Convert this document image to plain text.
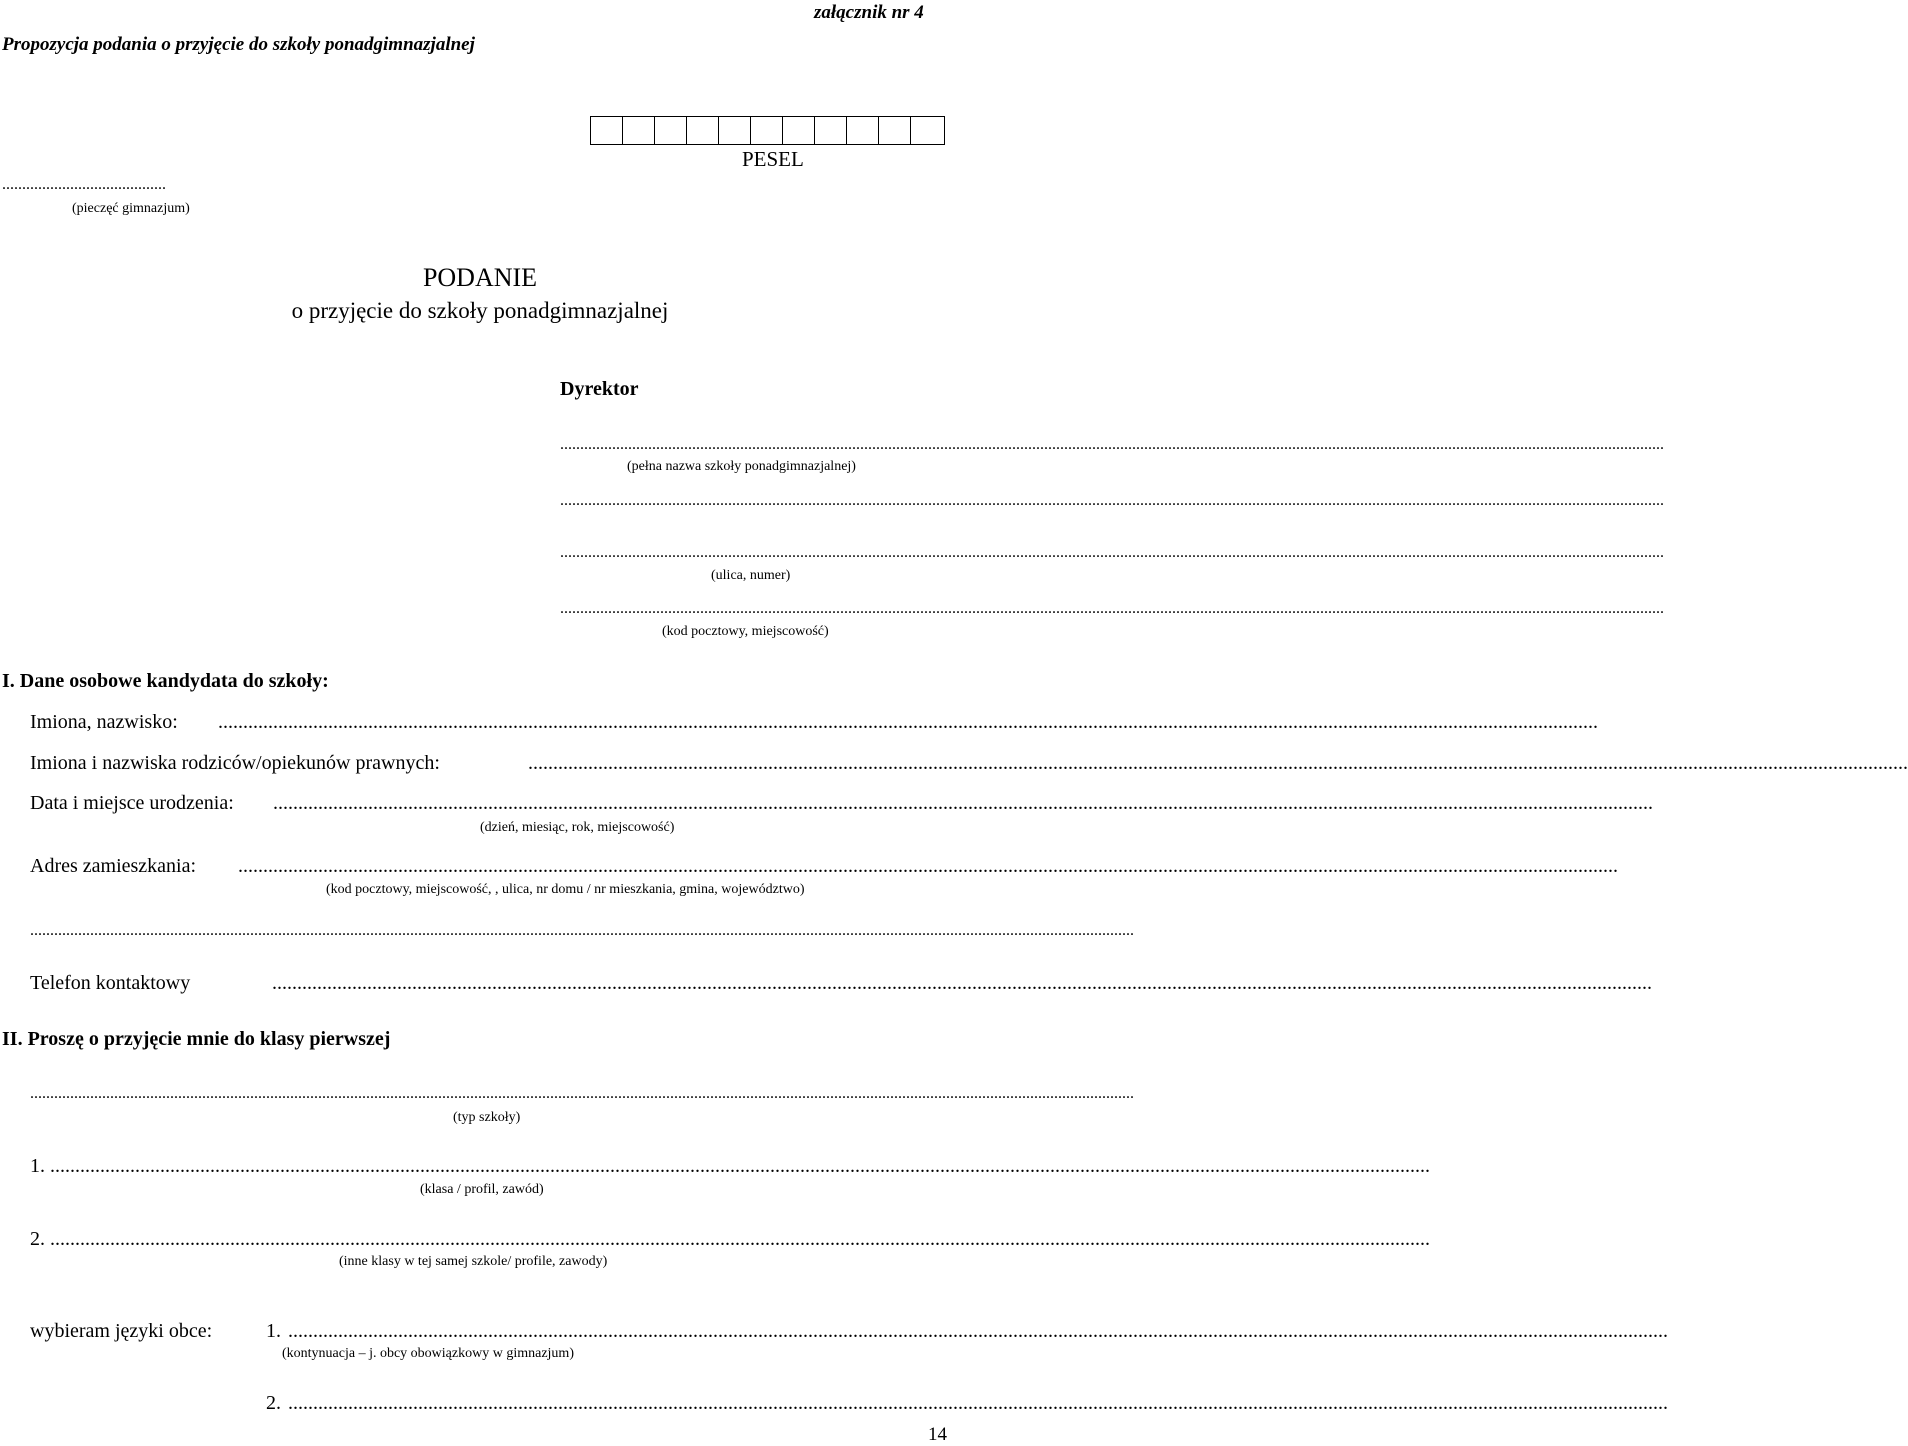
załącznik nr 4
Propozycja podania o przyjęcie do szkoły ponadgimnazjalnej
PESEL
.........................................
(pieczęć gimnazjum)
PODANIE
o przyjęcie do szkoły ponadgimnazjalnej
Dyrektor
....................................................................................................................................................................................................................................................................................
(pełna nazwa szkoły ponadgimnazjalnej)
....................................................................................................................................................................................................................................................................................
....................................................................................................................................................................................................................................................................................
(ulica, numer)
....................................................................................................................................................................................................................................................................................
(kod pocztowy, miejscowość)
I. Dane osobowe kandydata do szkoły:
Imiona, nazwisko: ....................................................................................................................................................................................................................................................................................
Imiona i nazwiska rodziców/opiekunów prawnych:	....................................................................................................................................................................................................................................................................................
Data i miejsce urodzenia: ....................................................................................................................................................................................................................................................................................
(dzień, miesiąc, rok, miejscowość)
Adres zamieszkania: ....................................................................................................................................................................................................................................................................................
(kod pocztowy, miejscowość, , ulica, nr domu / nr mieszkania, gmina, województwo)
....................................................................................................................................................................................................................................................................................
Telefon kontaktowy	....................................................................................................................................................................................................................................................................................
II. Proszę o przyjęcie mnie do klasy pierwszej
....................................................................................................................................................................................................................................................................................
(typ szkoły)
1. ....................................................................................................................................................................................................................................................................................
(klasa / profil, zawód)
2. ....................................................................................................................................................................................................................................................................................
(inne klasy w tej samej szkole/ profile, zawody)
wybieram języki obce:	1. ....................................................................................................................................................................................................................................................................................
(kontynuacja – j. obcy obowiązkowy w gimnazjum)
2. ....................................................................................................................................................................................................................................................................................
14
